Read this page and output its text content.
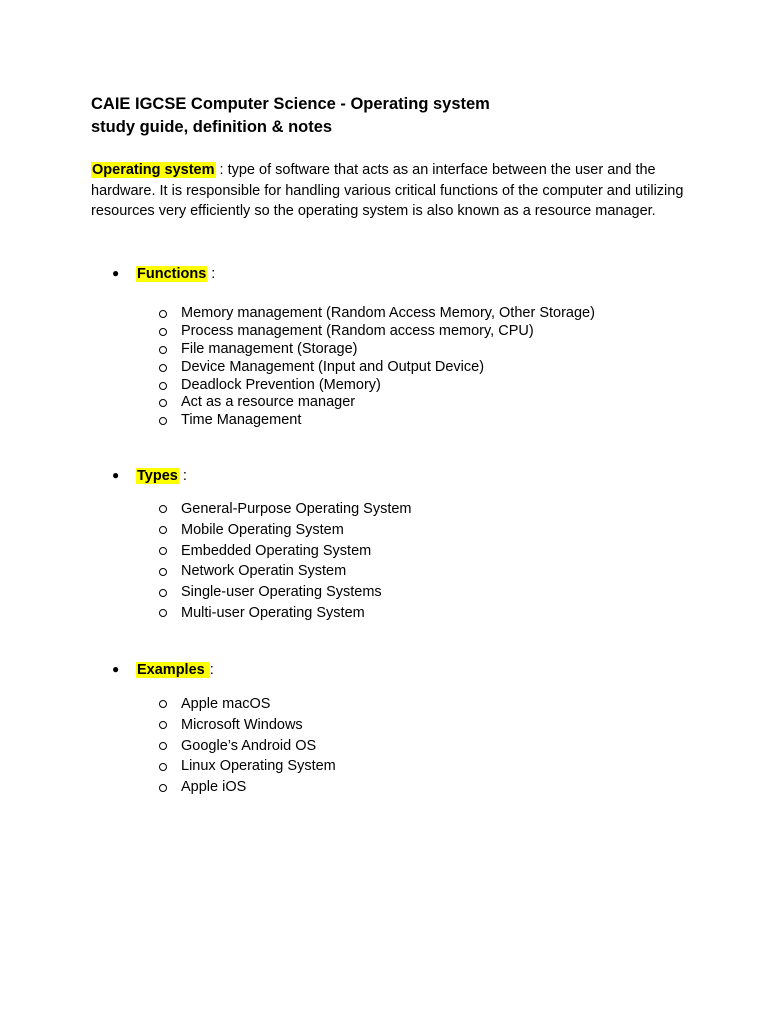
CAIE IGCSE Computer Science - Operating system
study guide, definition & notes
Operating system : type of software that acts as an interface between the user and the hardware. It is responsible for handling various critical functions of the computer and utilizing resources very efficiently so the operating system is also known as a resource manager.
● Functions :
Memory management (Random Access Memory, Other Storage)
Process management (Random access memory, CPU)
File management (Storage)
Device Management (Input and Output Device)
Deadlock Prevention (Memory)
Act as a resource manager
Time Management
● Types :
General-Purpose Operating System
Mobile Operating System
Embedded Operating System
Network Operatin System
Single-user Operating Systems
Multi-user Operating System
● Examples :
Apple macOS
Microsoft Windows
Google’s Android OS
Linux Operating System
Apple iOS
